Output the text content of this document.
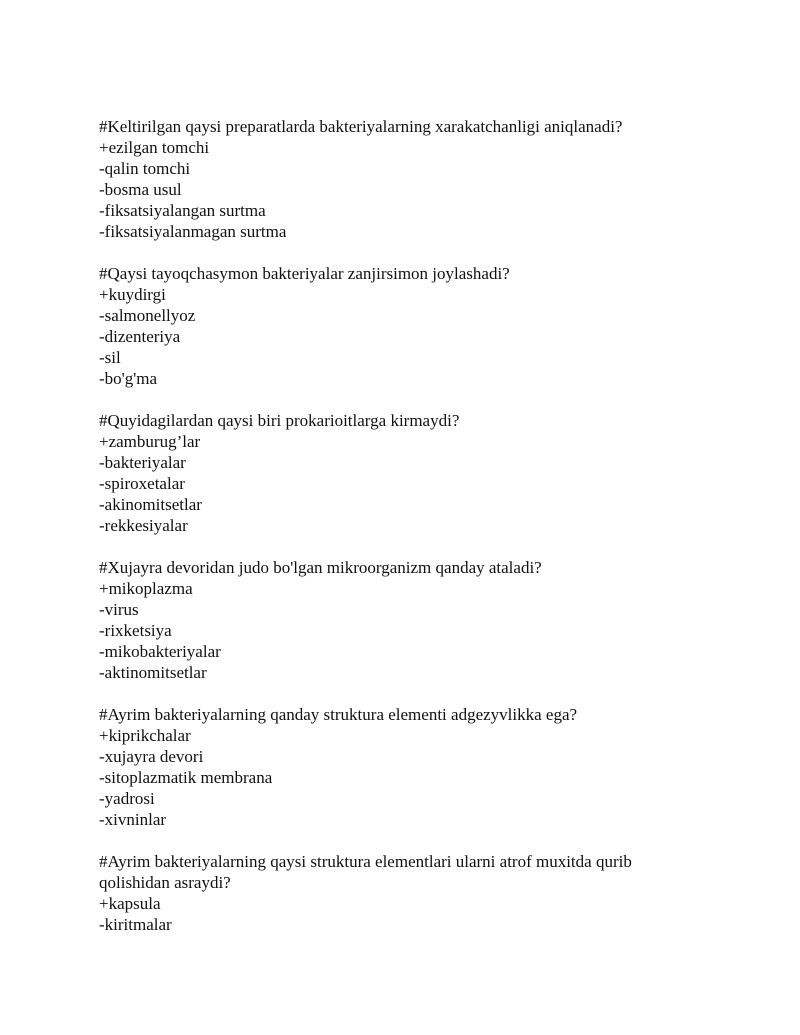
#Keltirilgan qaysi preparatlarda bakteriyalarning xarakatchanligi aniqlanadi?

+ezilgan tomchi

-qalin tomchi

-bosma usul

-fiksatsiyalangan surtma

-fiksatsiyalanmagan surtma

#Qaysi tayoqchasymon bakteriyalar zanjirsimon joylashadi?

+kuydirgi

-salmonellyoz

-dizenteriya

-sil

-bo'g'ma

#Quyidagilardan qaysi biri prokarioitlarga kirmaydi?

+zamburug’lar

-bakteriyalar

-spiroxetalar

-akinomitsetlar

-rekkesiyalar

#Xujayra devoridan judo bo'lgan mikroorganizm qanday ataladi?

+mikoplazma

-virus

-rixketsiya

-mikobakteriyalar

-aktinomitsetlar

#Ayrim bakteriyalarning qanday struktura elementi adgezyvlikka ega?

+kiprikchalar

-xujayra devori

-sitoplazmatik membrana

-yadrosi

-xivninlar

#Ayrim bakteriyalarning qaysi struktura elementlari ularni atrof muxitda qurib qolishidan asraydi?

+kapsula

-kiritmalar
